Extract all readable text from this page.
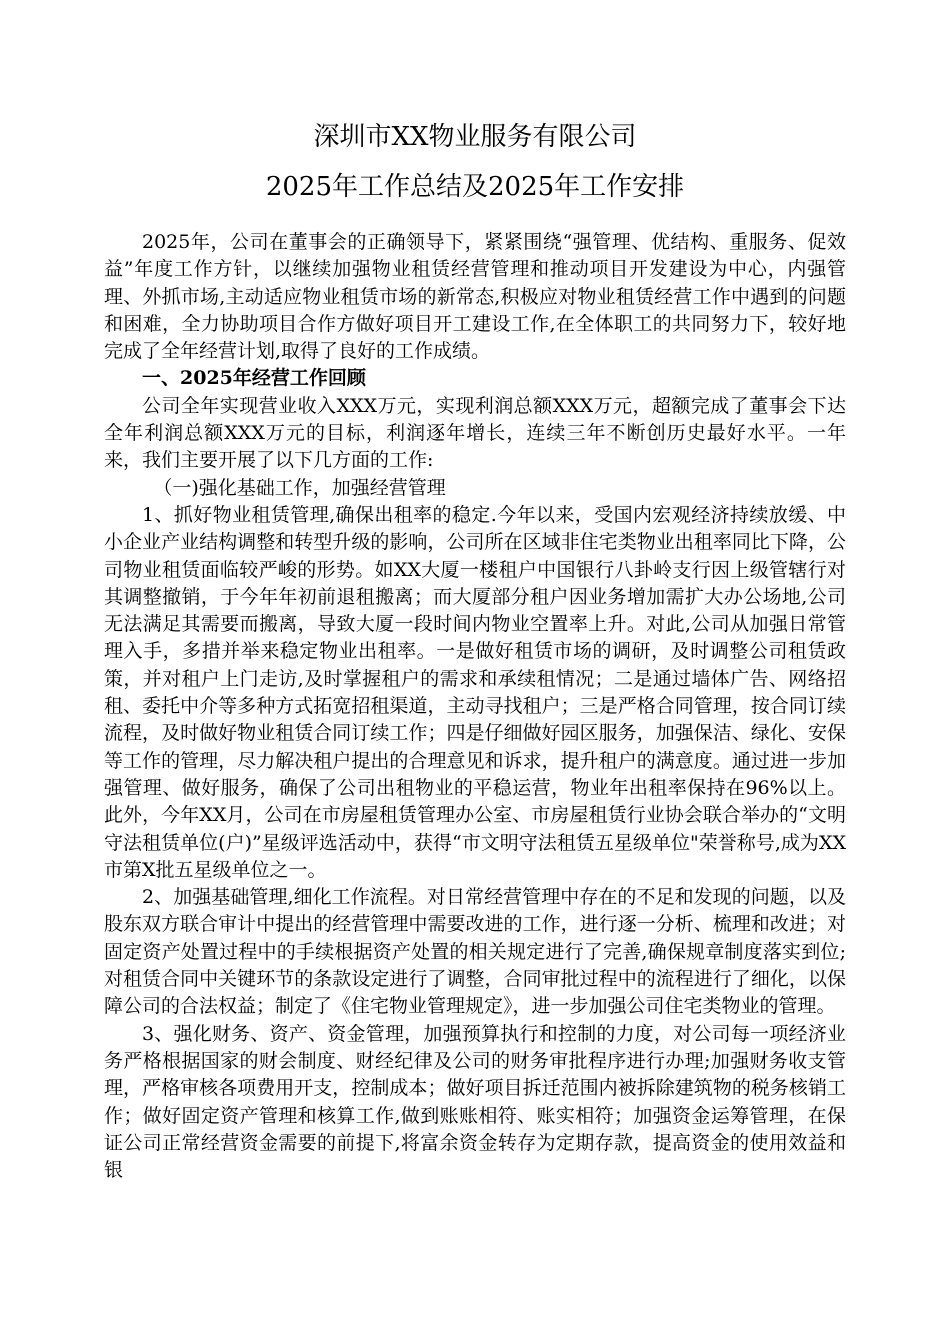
深圳市XX物业服务有限公司
2025年工作总结及2025年工作安排

2025年，公司在董事会的正确领导下，紧紧围绕“强管理、优结构、重服务、促效益”年度工作方针，以继续加强物业租赁经营管理和推动项目开发建设为中心，内强管理、外抓市场,主动适应物业租赁市场的新常态,积极应对物业租赁经营工作中遇到的问题和困难，全力协助项目合作方做好项目开工建设工作,在全体职工的共同努力下，较好地完成了全年经营计划,取得了良好的工作成绩。

一、2025年经营工作回顾

公司全年实现营业收入XXX万元，实现利润总额XXX万元，超额完成了董事会下达全年利润总额XXX万元的目标，利润逐年增长，连续三年不断创历史最好水平。一年来，我们主要开展了以下几方面的工作:

（一)强化基础工作，加强经营管理

1、抓好物业租赁管理,确保出租率的稳定.今年以来，受国内宏观经济持续放缓、中小企业产业结构调整和转型升级的影响，公司所在区域非住宅类物业出租率同比下降，公司物业租赁面临较严峻的形势。如XX大厦一楼租户中国银行八卦岭支行因上级管辖行对其调整撤销，于今年年初前退租搬离；而大厦部分租户因业务增加需扩大办公场地,公司无法满足其需要而搬离，导致大厦一段时间内物业空置率上升。对此,公司从加强日常管理入手，多措并举来稳定物业出租率。一是做好租赁市场的调研，及时调整公司租赁政策，并对租户上门走访,及时掌握租户的需求和承续租情况；二是通过墙体广告、网络招租、委托中介等多种方式拓宽招租渠道，主动寻找租户；三是严格合同管理，按合同订续流程，及时做好物业租赁合同订续工作；四是仔细做好园区服务，加强保洁、绿化、安保等工作的管理，尽力解决租户提出的合理意见和诉求，提升租户的满意度。通过进一步加强管理、做好服务，确保了公司出租物业的平稳运营，物业年出租率保持在96%以上。此外，今年XX月，公司在市房屋租赁管理办公室、市房屋租赁行业协会联合举办的“文明守法租赁单位(户)”星级评选活动中，获得“市文明守法租赁五星级单位"荣誉称号,成为XX市第X批五星级单位之一。

2、加强基础管理,细化工作流程。对日常经营管理中存在的不足和发现的问题，以及股东双方联合审计中提出的经营管理中需要改进的工作，进行逐一分析、梳理和改进；对固定资产处置过程中的手续根据资产处置的相关规定进行了完善,确保规章制度落实到位;对租赁合同中关键环节的条款设定进行了调整，合同审批过程中的流程进行了细化，以保障公司的合法权益；制定了《住宅物业管理规定》，进一步加强公司住宅类物业的管理。

3、强化财务、资产、资金管理，加强预算执行和控制的力度，对公司每一项经济业务严格根据国家的财会制度、财经纪律及公司的财务审批程序进行办理;加强财务收支管理，严格审核各项费用开支，控制成本；做好项目拆迁范围内被拆除建筑物的税务核销工作；做好固定资产管理和核算工作,做到账账相符、账实相符；加强资金运筹管理，在保证公司正常经营资金需要的前提下,将富余资金转存为定期存款，提高资金的使用效益和银
